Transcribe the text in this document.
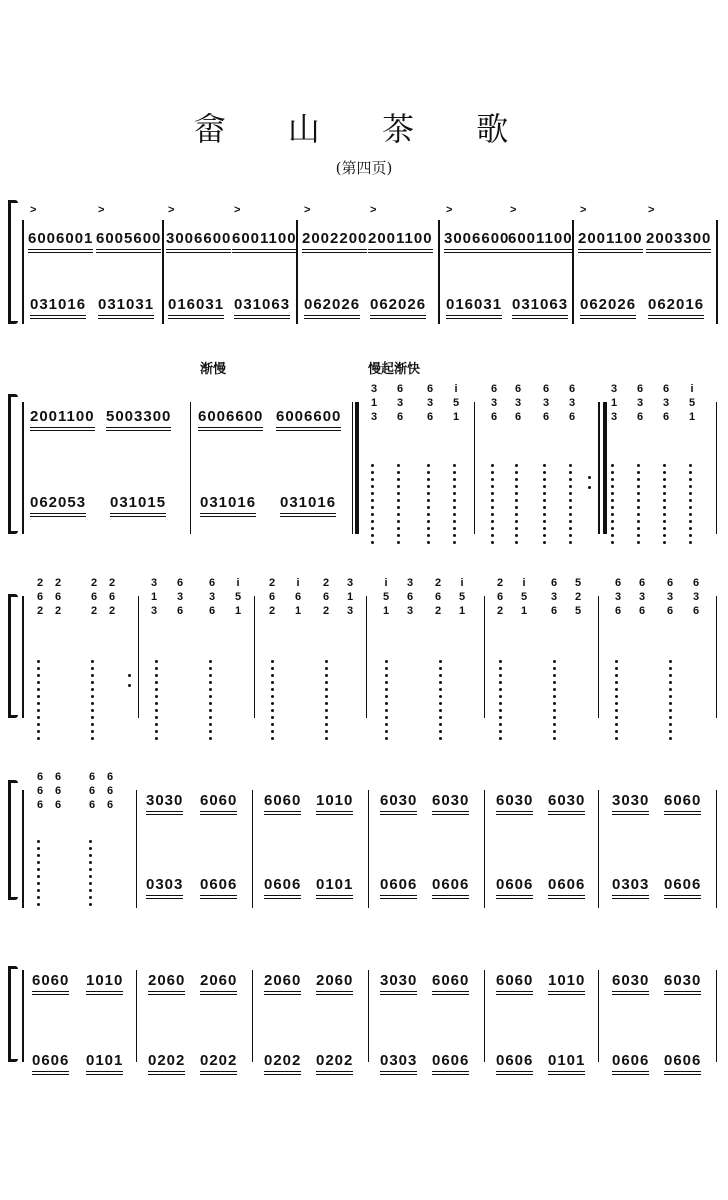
畲 山 茶 歌
(第四页)
渐慢	慢起渐快
>
6006001
>
6005600
>
3006600
>
6001100
>
2002200
>
2001100
>
3006600
>
6001100
>
2001100
>
2003300
031016 031031 016031 031063 062026 062026 016031 031063 062026 062016
2001100 5003300 6006600 6006600
062053 031015 031016 031016
3
1
3
6
3
6
6
3
6
i
5
1
6
3
6
6
3
6
6
3
6
6
3
6
3
1
3
6
3
6
6
3
6
i
5
1
2
6
2
2
6
2
2
6
2
2
6
2
3
1
3
6
3
6
6
3
6
i
5
1
2
6
2
i
6
1
2
6
2
3
1
3
i
5
1
3
6
3
2
6
2
i
5
1
2
6
2
i
5
1
6
3
6
5
2
5
6
3
6
6
3
6
6
3
6
6
3
6
6
6
6
6
6
6
6
6
6
6
6
6 3030 6060 6060 1010 6030 6030 6030 6030 3030 6060
0303 0606 0606 0101 0606 0606 0606 0606 0303 0606
6060 1010 2060 2060 2060 2060 3030 6060 6060 1010 6030 6030
0606 0101 0202 0202 0202 0202 0303 0606 0606 0101 0606 0606
